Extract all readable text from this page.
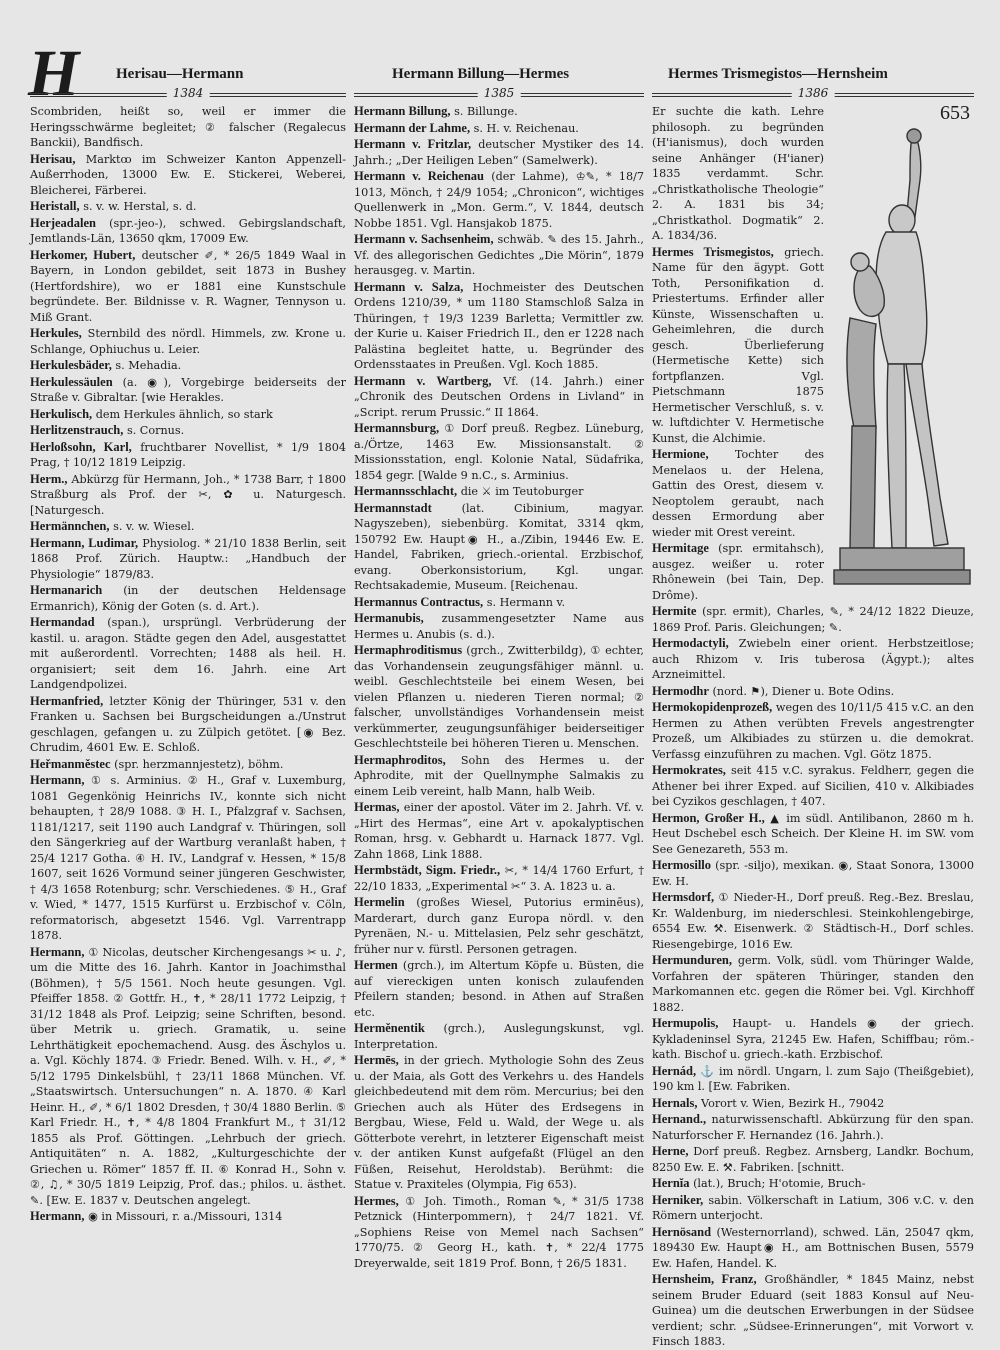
H	Herisau—Hermann	Hermann Billung—Hermes	Hermes Trismegistos—Hernsheim
1384	1385	1386

Scombriden, heißt so, weil er immer die Heringsschwärme begleitet; ② falscher (Regalecus Banckii), Bandfisch.

Herisau, Marktꝏ im Schweizer Kanton Appenzell-Außerrhoden, 13000 Ew. E. Stickerei, Weberei, Bleicherei, Färberei.

Heristall, s. v. w. Herstal, s. d.

Herjeadalen (spr.-jeo-), schwed. Gebirgslandschaft, Jemtlands-Län, 13650 qkm, 17009 Ew.

Herkomer, Hubert, deutscher ✐, * 26/5 1849 Waal in Bayern, in London gebildet, seit 1873 in Bushey (Hertfordshire), wo er 1881 eine Kunstschule begründete. Ber. Bildnisse v. R. Wagner, Tennyson u. Miß Grant.

Herkules, Sternbild des nördl. Himmels, zw. Krone u. Schlange, Ophiuchus u. Leier.

Herkulesbäder, s. Mehadia.

Herkulessäulen (a. ◉), Vorgebirge beiderseits der Straße v. Gibraltar. [wie Herakles.

Herkulisch, dem Herkules ähnlich, so stark

Herlitzenstrauch, s. Cornus.

Herloßsohn, Karl, fruchtbarer Novellist, * 1/9 1804 Prag, † 10/12 1819 Leipzig.

Herm., Abkürzg für Hermann, Joh., * 1738 Barr, † 1800 Straßburg als Prof. der ✂, ✿ u. Naturgesch. [Naturgesch.

Hermännchen, s. v. w. Wiesel.

Hermann, Ludimar, Physiolog. * 21/10 1838 Berlin, seit 1868 Prof. Zürich. Hauptw.: „Handbuch der Physiologie“ 1879/83.

Hermanarich (in der deutschen Heldensage Ermanrich), König der Goten (s. d. Art.).

Hermandad (span.), ursprüngl. Verbrüderung der kastil. u. aragon. Städte gegen den Adel, ausgestattet mit außerordentl. Vorrechten; 1488 als heil. H. organisiert; seit dem 16. Jahrh. eine Art Landgendpolizei.

Hermanfried, letzter König der Thüringer, 531 v. den Franken u. Sachsen bei Burgscheidungen a./Unstrut geschlagen, gefangen u. zu Zülpich getötet. [◉ Bez. Chrudim, 4601 Ew. E. Schloß.

Heřmanměstec (spr. herzmannjestetz), böhm.

Hermann, ① s. Arminius. ② H., Graf v. Luxemburg, 1081 Gegenkönig Heinrichs IV., konnte sich nicht behaupten, † 28/9 1088. ③ H. I., Pfalzgraf v. Sachsen, 1181/1217, seit 1190 auch Landgraf v. Thüringen, soll den Sängerkrieg auf der Wartburg veranlaßt haben, † 25/4 1217 Gotha. ④ H. IV., Landgraf v. Hessen, * 15/8 1607, seit 1626 Vormund seiner jüngeren Geschwister, † 4/3 1658 Rotenburg; schr. Verschiedenes. ⑤ H., Graf v. Wied, * 1477, 1515 Kurfürst u. Erzbischof v. Cöln, reformatorisch, abgesetzt 1546. Vgl. Varrentrapp 1878.

Hermann, ① Nicolas, deutscher Kirchengesangs ✂ u. ♪, um die Mitte des 16. Jahrh. Kantor in Joachimsthal (Böhmen), † 5/5 1561. Noch heute gesungen. Vgl. Pfeiffer 1858. ② Gottfr. H., ✝, * 28/11 1772 Leipzig, † 31/12 1848 als Prof. Leipzig; seine Schriften, besond. über Metrik u. griech. Gramatik, u. seine Lehrthätigkeit epochemachend. Ausg. des Äschylos u. a. Vgl. Köchly 1874. ③ Friedr. Bened. Wilh. v. H., ✐, * 5/12 1795 Dinkelsbühl, † 23/11 1868 München. Vf. „Staatswirtsch. Untersuchungen“ n. A. 1870. ④ Karl Heinr. H., ✐, * 6/1 1802 Dresden, † 30/4 1880 Berlin. ⑤ Karl Friedr. H., ✝, * 4/8 1804 Frankfurt M., † 31/12 1855 als Prof. Göttingen. „Lehrbuch der griech. Antiquitäten“ n. A. 1882, „Kulturgeschichte der Griechen u. Römer“ 1857 ff. II. ⑥ Konrad H., Sohn v. ②, ♫, * 30/5 1819 Leipzig, Prof. das.; philos. u. ästhet. ✎. [Ew. E. 1837 v. Deutschen angelegt.

Hermann, ◉ in Missouri, r. a./Missouri, 1314

Hermann Billung, s. Billunge.

Hermann der Lahme, s. H. v. Reichenau.

Hermann v. Fritzlar, deutscher Mystiker des 14. Jahrh.; „Der Heiligen Leben“ (Samelwerk).

Hermann v. Reichenau (der Lahme), ♔✎, * 18/7 1013, Mönch, † 24/9 1054; „Chronicon“, wichtiges Quellenwerk in „Mon. Germ.“, V. 1844, deutsch Nobbe 1851. Vgl. Hansjakob 1875.

Hermann v. Sachsenheim, schwäb. ✎ des 15. Jahrh., Vf. des allegorischen Gedichtes „Die Mörin“, 1879 herausgeg. v. Martin.

Hermann v. Salza, Hochmeister des Deutschen Ordens 1210/39, * um 1180 Stamschloß Salza in Thüringen, † 19/3 1239 Barletta; Vermittler zw. der Kurie u. Kaiser Friedrich II., den er 1228 nach Palästina begleitet hatte, u. Begründer des Ordensstaates in Preußen. Vgl. Koch 1885.

Hermann v. Wartberg, Vf. (14. Jahrh.) einer „Chronik des Deutschen Ordens in Livland“ in „Script. rerum Prussic.“ II 1864.

Hermannsburg, ① Dorf preuß. Regbez. Lüneburg, a./Örtze, 1463 Ew. Missionsanstalt. ② Missionsstation, engl. Kolonie Natal, Südafrika, 1854 gegr. [Walde 9 n.C., s. Arminius.

Hermannsschlacht, die ⚔ im Teutoburger

Hermannstadt	(lat. Cibinium, magyar. Nagyszeben), siebenbürg. Komitat, 3314 qkm, 150792 Ew. Haupt◉ H., a./Zibin, 19446 Ew. E. Handel, Fabriken, griech.-oriental. Erzbischof, evang. Oberkonsistorium, Kgl. ungar. Rechtsakademie, Museum. [Reichenau.

Hermannus Contractus, s. Hermann v.

Hermanubis, zusammengesetzter Name aus Hermes u. Anubis (s. d.).

Hermaphroditismus (grch., Zwitterbildg), ① echter, das Vorhandensein zeugungsfähiger männl. u. weibl. Geschlechtsteile bei einem Wesen, bei vielen Pflanzen u. niederen Tieren normal; ② falscher, unvollständiges Vorhandensein meist verkümmerter, zeugungsunfähiger beiderseitiger Geschlechtsteile bei höheren Tieren u. Menschen.

Hermaphroditos, Sohn des Hermes u. der Aphrodite, mit der Quellnymphe Salmakis zu einem Leib vereint, halb Mann, halb Weib.

Hermas, einer der apostol. Väter im 2. Jahrh. Vf. v. „Hirt des Hermas“, eine Art v. apokalyptischen Roman, hrsg. v. Gebhardt u. Harnack 1877. Vgl. Zahn 1868, Link 1888.

Hermbstädt, Sigm. Friedr., ✂, * 14/4 1760 Erfurt, † 22/10 1833, „Experimental ✂“ 3. A. 1823 u. a.

Hermelin (großes Wiesel, Putorius erminēus), Marderart, durch ganz Europa nördl. v. den Pyrenäen, N.- u. Mittelasien, Pelz sehr geschätzt, früher nur v. fürstl. Personen getragen.

Hermen (grch.), im Altertum Köpfe u. Büsten, die auf viereckigen unten konisch zulaufenden Pfeilern standen; besond. in Athen auf Straßen etc.

Herměnentik (grch.), Auslegungskunst, vgl. Interpretation.

Hermēs, in der griech. Mythologie Sohn des Zeus u. der Maia, als Gott des Verkehrs u. des Handels gleichbedeutend mit dem röm. Mercurius; bei den Griechen auch als Hüter des Erdsegens in Bergbau, Wiese, Feld u. Wald, der Wege u. als Götterbote verehrt, in letzterer Eigenschaft meist v. der antiken Kunst aufgefaßt (Flügel an den Füßen, Reisehut, Heroldstab). Berühmt: die Statue v. Praxiteles (Olympia, Fig 653).

Hermes, ① Joh. Timoth., Roman ✎, * 31/5 1738 Petznick (Hinterpommern), † 24/7 1821. Vf. „Sophiens Reise von Memel nach Sachsen“ 1770/75. ② Georg H., kath. ✝, * 22/4 1775 Dreyerwalde, seit 1819 Prof. Bonn, † 26/5 1831.

653

Er suchte die kath. Lehre philosoph. zu begründen (H'ianismus), doch wurden seine Anhänger (H'ianer) 1835 verdammt. Schr. „Christkatholische Theologie“ 2. A. 1831 bis 34; „Christkathol. Dogmatik“ 2. A. 1834/36.

Hermes Trismegistos, griech. Name für den ägypt. Gott Toth, Personifikation d. Priestertums. Erfinder aller Künste, Wissenschaften u. Geheimlehren, die durch gesch. Überlieferung (Hermetische Kette) sich fortpflanzen. Vgl. Pietschmann 1875 Hermetischer Verschluß, s. v. w. luftdichter V. Hermetische Kunst, die Alchimie.

Hermione, Tochter des Menelaos u. der Helena, Gattin des Orest, diesem v. Neoptolem geraubt, nach dessen Ermordung aber wieder mit Orest vereint.

Hermitage (spr. ermitahsch), ausgez. weißer u. roter Rhônewein (bei Tain, Dep. Drôme).

Hermite (spr. ermit), Charles, ✎, * 24/12 1822 Dieuze, 1869 Prof. Paris. Gleichungen; ✎.

Hermodactyli, Zwiebeln einer orient. Herbstzeitlose; auch Rhizom v. Iris tuberosa (Ägypt.); altes Arzneimittel.

Hermodhr (nord. ⚑), Diener u. Bote Odins.

Hermokopidenprozeß, wegen des 10/11/5 415 v.C. an den Hermen zu Athen verübten Frevels angestrengter Prozeß, um Alkibiades zu stürzen u. die demokrat. Verfassg einzuführen zu machen. Vgl. Götz 1875.

Hermokrates, seit 415 v.C. syrakus. Feldherr, gegen die Athener bei ihrer Exped. auf Sicilien, 410 v. Alkibiades bei Cyzikos geschlagen, † 407.

Hermon, Großer H., ▲ im südl. Antilibanon, 2860 m h. Heut Dschebel esch Scheich. Der Kleine H. im SW. vom See Genezareth, 553 m.

Hermosillo (spr. -siljo), mexikan. ◉, Staat Sonora, 13000 Ew. H.

Hermsdorf, ① Nieder-H., Dorf preuß. Reg.-Bez. Breslau, Kr. Waldenburg, im niederschlesi. Steinkohlengebirge, 6554 Ew. ⚒. Eisenwerk. ② Städtisch-H., Dorf schles. Riesengebirge, 1016 Ew.

Hermunduren, germ. Volk, südl. vom Thüringer Walde, Vorfahren der späteren Thüringer, standen den Markomannen etc. gegen die Römer bei. Vgl. Kirchhoff 1882.

Hermupolis, Haupt- u. Handels◉ der griech. Kykladeninsel Syra, 21245 Ew. Hafen, Schiffbau; röm.-kath. Bischof u. griech.-kath. Erzbischof.

Hernád, ⚓ im nördl. Ungarn, l. zum Sajo (Theißgebiet), 190 km l. [Ew. Fabriken.

Hernals, Vorort v. Wien, Bezirk H., 79042

Hernand., naturwissenschaftl. Abkürzung für den span. Naturforscher F. Hernandez (16. Jahrh.).

Herne, Dorf preuß. Regbez. Arnsberg, Landkr. Bochum, 8250 Ew. E. ⚒. Fabriken. [schnitt.

Hernĭa (lat.), Bruch; H'otomie, Bruch-

Herniker, sabin. Völkerschaft in Latium, 306 v.C. v. den Römern unterjocht.

Hernösand (Westernorrland), schwed. Län, 25047 qkm, 189430 Ew. Haupt◉ H., am Bottnischen Busen, 5579 Ew. Hafen, Handel. K.

Hernsheim, Franz, Großhändler, * 1845 Mainz, nebst seinem Bruder Eduard (seit 1883 Konsul auf Neu-Guinea) um die deutschen Erwerbungen in der Südsee verdient; schr. „Südsee-Erinnerungen“, mit Vorwort v. Finsch 1883.
